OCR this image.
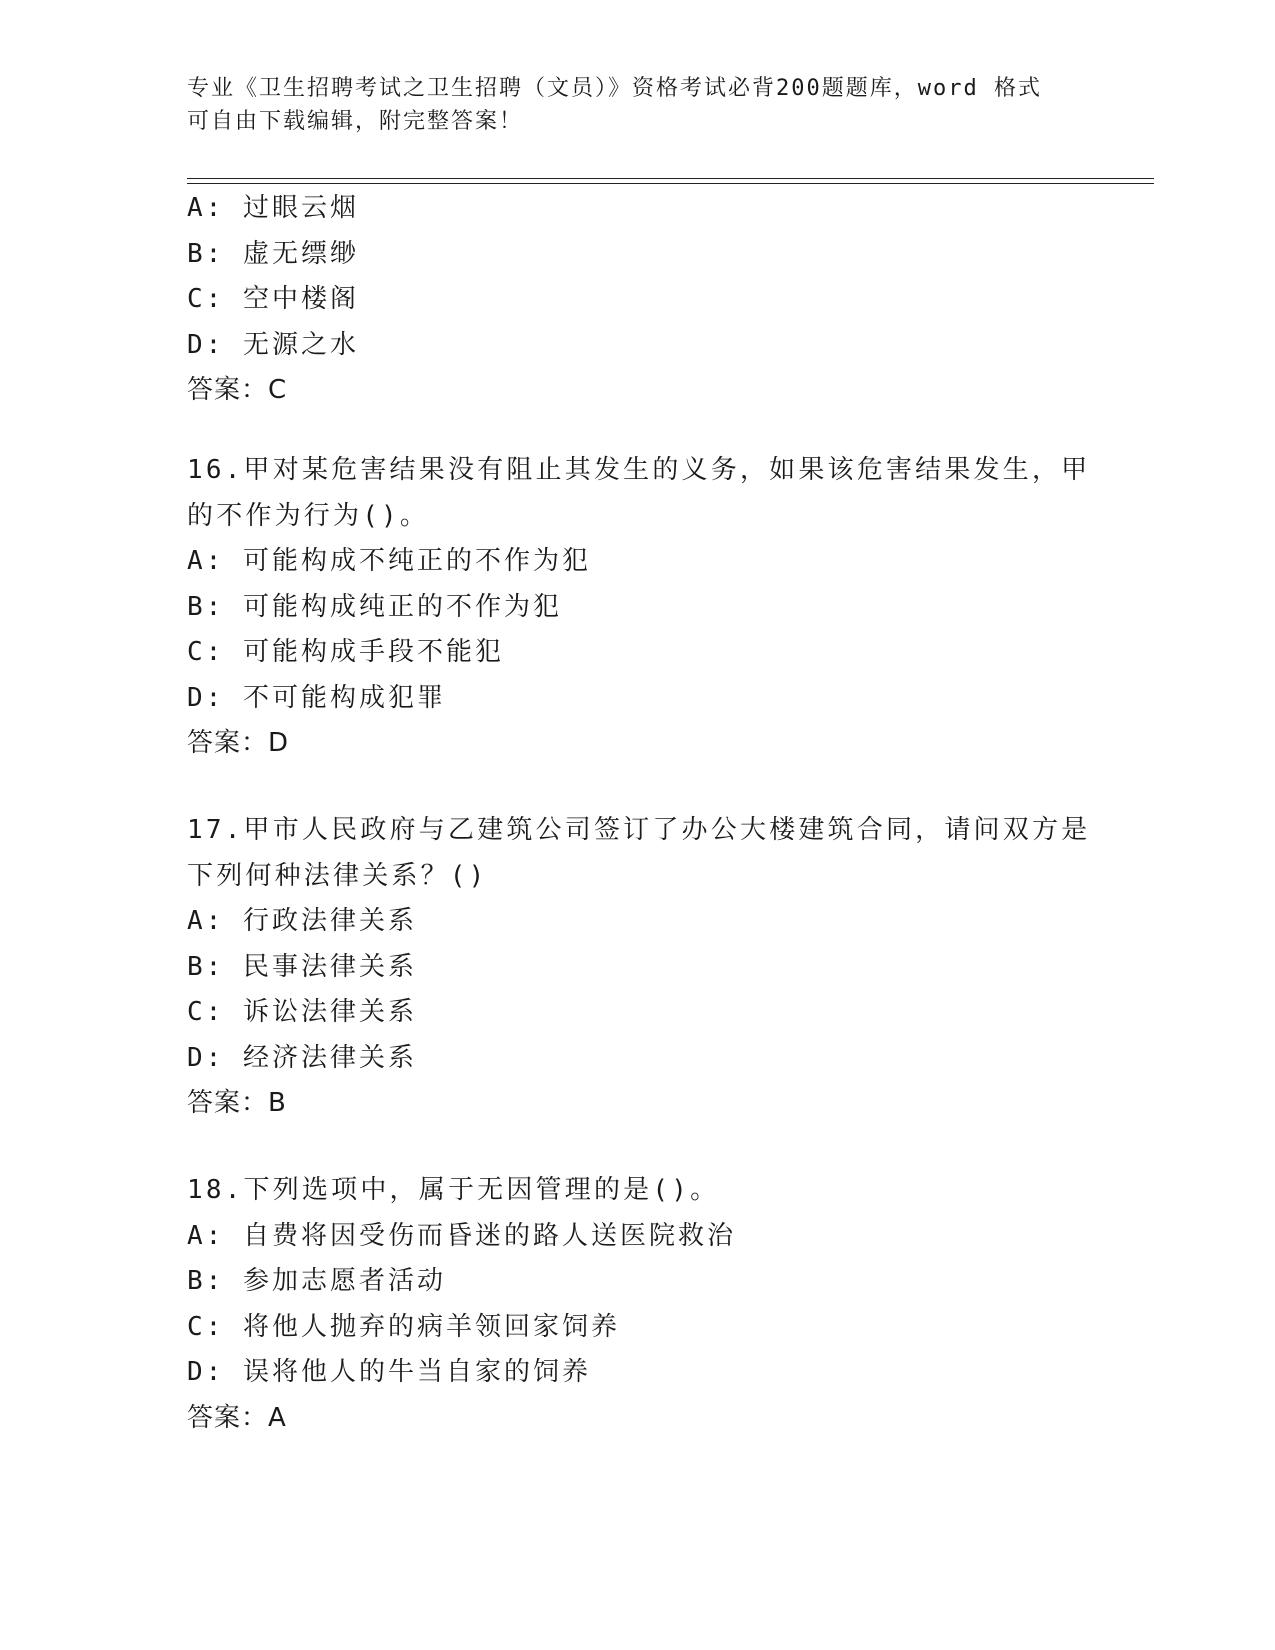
专业《卫生招聘考试之卫生招聘（文员）》资格考试必背200题题库，word 格式
可自由下载编辑，附完整答案！
A: 过眼云烟
B: 虚无缥缈
C: 空中楼阁
D: 无源之水
答案：C
16.甲对某危害结果没有阻止其发生的义务，如果该危害结果发生，甲
的不作为行为()。
A: 可能构成不纯正的不作为犯
B: 可能构成纯正的不作为犯
C: 可能构成手段不能犯
D: 不可能构成犯罪
答案：D
17.甲市人民政府与乙建筑公司签订了办公大楼建筑合同，请问双方是
下列何种法律关系？()
A: 行政法律关系
B: 民事法律关系
C: 诉讼法律关系
D: 经济法律关系
答案：B
18.下列选项中，属于无因管理的是()。
A: 自费将因受伤而昏迷的路人送医院救治
B: 参加志愿者活动
C: 将他人抛弃的病羊领回家饲养
D: 误将他人的牛当自家的饲养
答案：A
